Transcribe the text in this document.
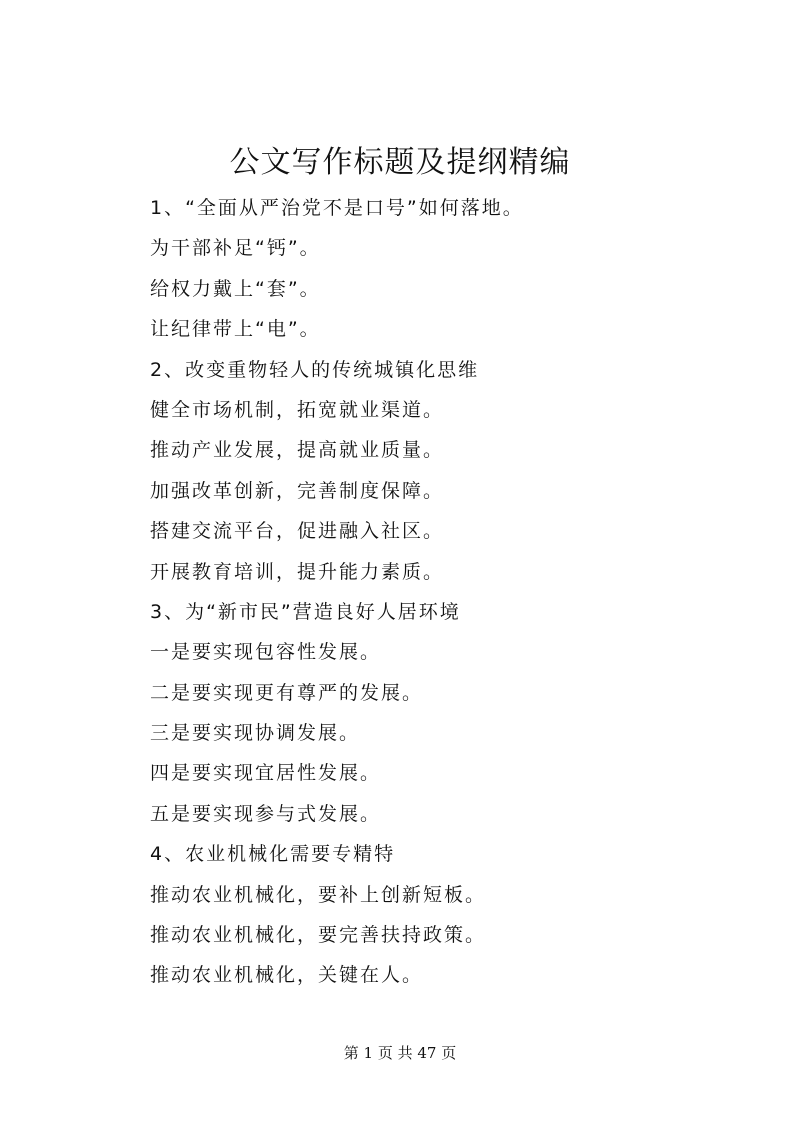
公文写作标题及提纲精编
1、“全面从严治党不是口号”如何落地。
为干部补足“钙”。
给权力戴上“套”。
让纪律带上“电”。
2、改变重物轻人的传统城镇化思维
健全市场机制，拓宽就业渠道。
推动产业发展，提高就业质量。
加强改革创新，完善制度保障。
搭建交流平台，促进融入社区。
开展教育培训，提升能力素质。
3、为“新市民”营造良好人居环境
一是要实现包容性发展。
二是要实现更有尊严的发展。
三是要实现协调发展。
四是要实现宜居性发展。
五是要实现参与式发展。
4、农业机械化需要专精特
推动农业机械化，要补上创新短板。
推动农业机械化，要完善扶持政策。
推动农业机械化，关键在人。
第 1 页 共 47 页
